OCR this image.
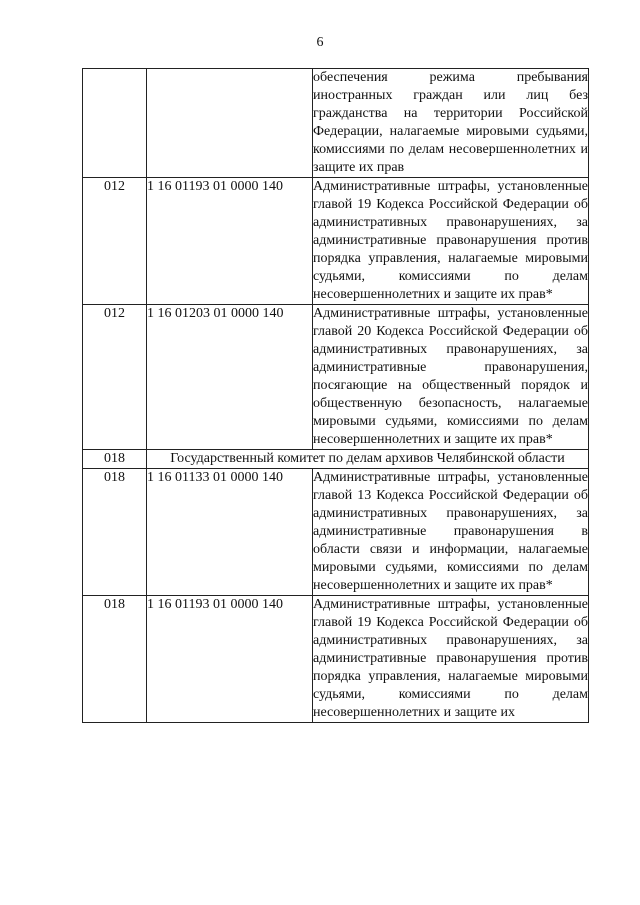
6

		обеспечения режима пребывания иностранных граждан или лиц без гражданства на территории Российской Федерации, налагаемые мировыми судьями, комиссиями по делам несовершеннолетних и защите их прав

012	1 16 01193 01 0000 140	Административные штрафы, установленные главой 19 Кодекса Российской Федерации об административных правонарушениях, за административные правонарушения против порядка управления, налагаемые мировыми судьями, комиссиями по делам несовершеннолетних и защите их прав*

012	1 16 01203 01 0000 140	Административные штрафы, установленные главой 20 Кодекса Российской Федерации об административных правонарушениях, за административные правонарушения, посягающие на общественный порядок и общественную безопасность, налагаемые мировыми судьями, комиссиями по делам несовершеннолетних и защите их прав*

018	Государственный комитет по делам архивов Челябинской области	
018	1 16 01133 01 0000 140	Административные штрафы, установленные главой 13 Кодекса Российской Федерации об административных правонарушениях, за административные правонарушения в области связи и информации, налагаемые мировыми судьями, комиссиями по делам несовершеннолетних и защите их прав*

018	1 16 01193 01 0000 140	Административные штрафы, установленные главой 19 Кодекса Российской Федерации об административных правонарушениях, за административные правонарушения против порядка управления, налагаемые мировыми судьями, комиссиями по делам несовершеннолетних и защите их
